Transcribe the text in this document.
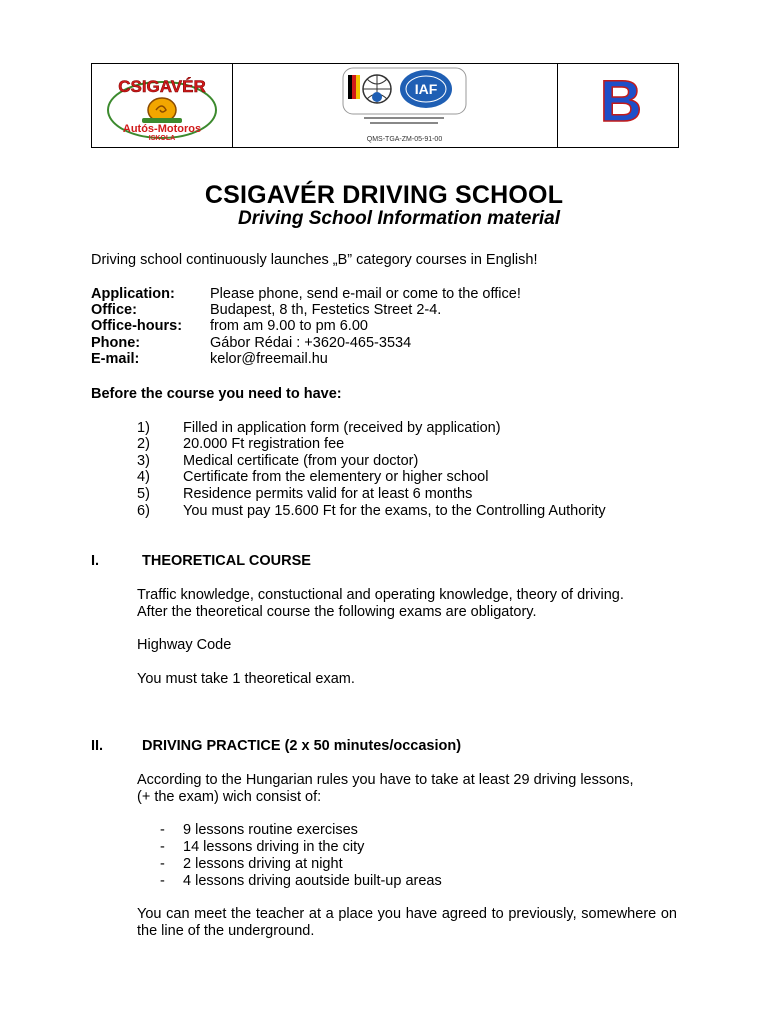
CSIGAVÉR
Autós-Motoros
ISKOLA
B
IAF
QMS-TGA-ZM-05-91-00
CSIGAVÉR DRIVING SCHOOL
Driving School Information material
Driving school continuously launches „B” category courses in English!
Application: Please phone, send e-mail or come to the office!
Office:	Budapest, 8 th, Festetics Street 2-4.
Office-hours: from am 9.00 to pm 6.00
Phone:	Gábor Rédai : +3620-465-3534
E-mail:	kelor@freemail.hu
Before the course you need to have:
1) Filled in application form (received by application)
2) 20.000 Ft registration fee
3) Medical certificate (from your doctor)
4) Certificate from the elementery or higher school
5) Residence permits valid for at least 6 months
6) You must pay 15.600 Ft for the exams, to the Controlling Authority
I.	THEORETICAL COURSE
Traffic knowledge, constuctional and operating knowledge, theory of driving.
After the theoretical course the following exams are obligatory.
Highway Code
You must take 1 theoretical exam.
II.	DRIVING PRACTICE (2 x 50 minutes/occasion)
According to the Hungarian rules you have to take at least 29 driving lessons,
(+ the exam) wich consist of:
- 9 lessons routine exercises
- 14 lessons driving in the city
- 2 lessons driving at night
- 4 lessons driving aoutside built-up areas
You can meet the teacher at a place you have agreed to previously, somewhere on the line of the underground.
